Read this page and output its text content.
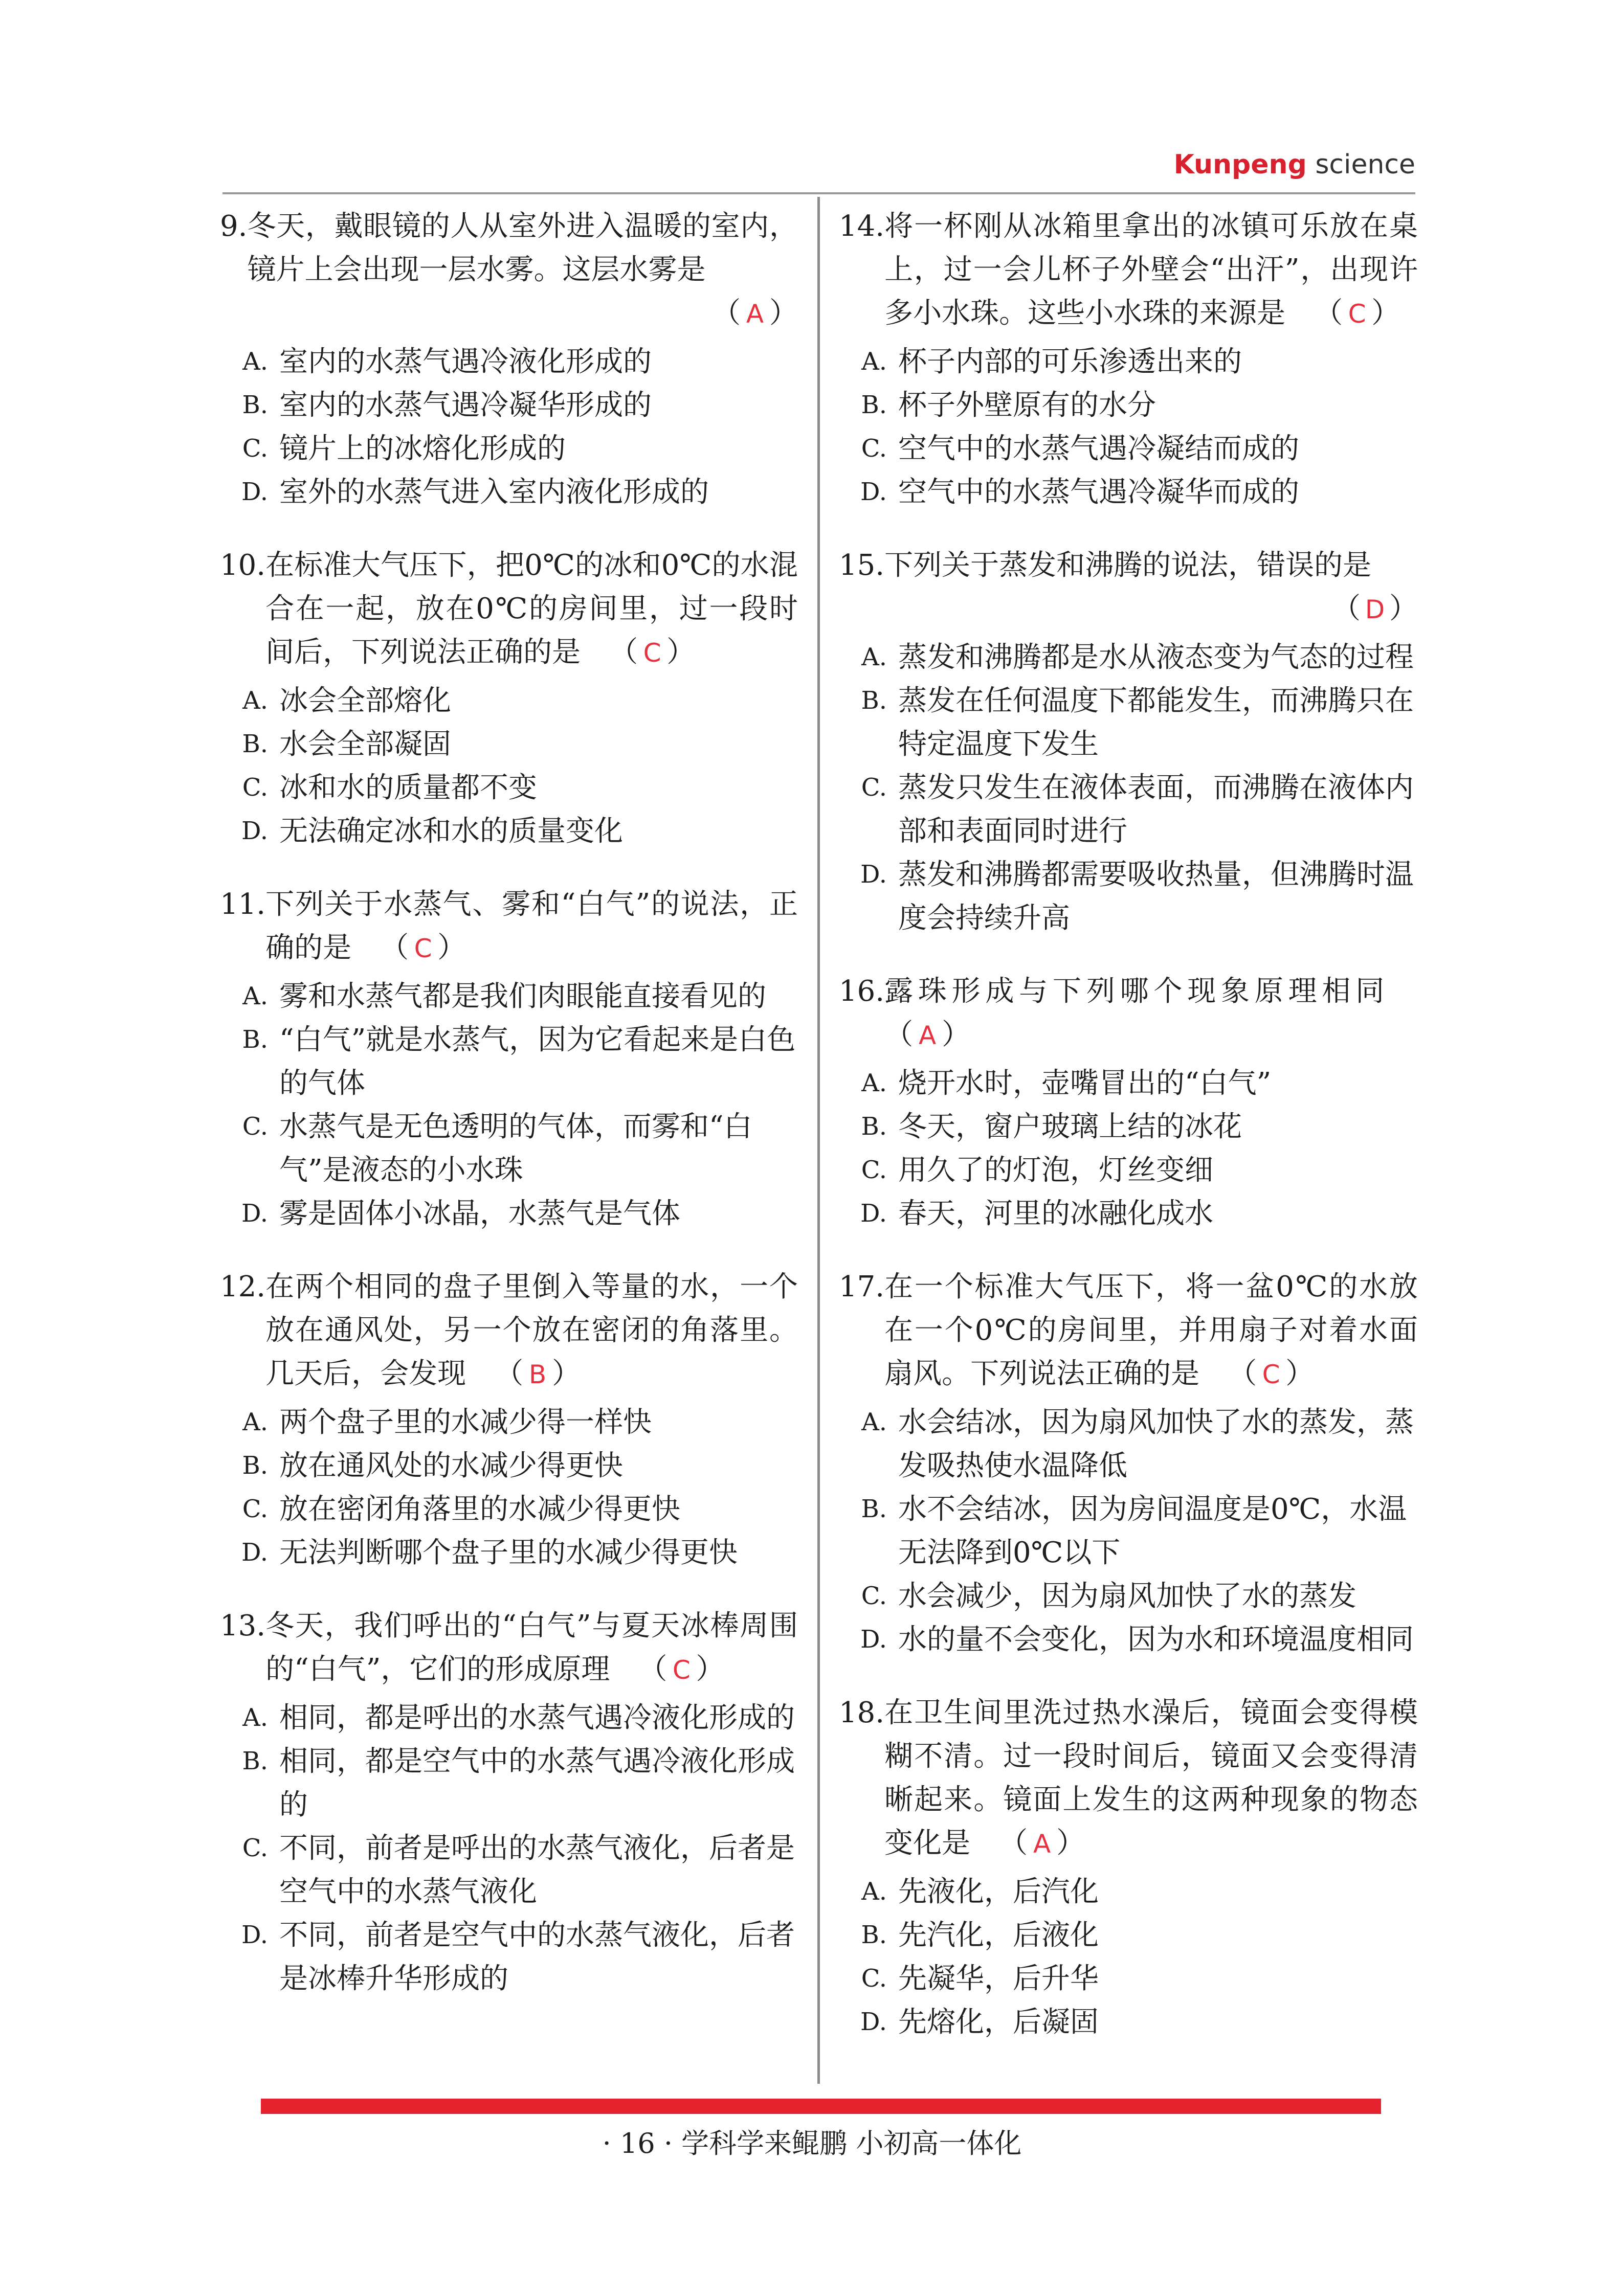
Kunpeng science
9. 冬天，戴眼镜的人从室外进入温暖的室内，镜片上会出现一层水雾。这层水雾是
（ A ）
A. 室内的水蒸气遇冷液化形成的
B. 室内的水蒸气遇冷凝华形成的
C. 镜片上的冰熔化形成的
D. 室外的水蒸气进入室内液化形成的
10. 在标准大气压下，把0℃的冰和0℃的水混合在一起，放在0℃的房间里，过一段时间后，下列说法正确的是  （ C ）
A. 冰会全部熔化
B. 水会全部凝固
C. 冰和水的质量都不变
D. 无法确定冰和水的质量变化
11. 下列关于水蒸气、雾和“白气”的说法，正确的是  （ C ）
A. 雾和水蒸气都是我们肉眼能直接看见的
B. “白气”就是水蒸气，因为它看起来是白色的气体
C. 水蒸气是无色透明的气体，而雾和“白气”是液态的小水珠
D. 雾是固体小冰晶，水蒸气是气体
12. 在两个相同的盘子里倒入等量的水，一个放在通风处，另一个放在密闭的角落里。几天后，会发现  （ B ）
A. 两个盘子里的水减少得一样快
B. 放在通风处的水减少得更快
C. 放在密闭角落里的水减少得更快
D. 无法判断哪个盘子里的水减少得更快
13. 冬天，我们呼出的“白气”与夏天冰棒周围的“白气”，它们的形成原理  （ C ）
A. 相同，都是呼出的水蒸气遇冷液化形成的
B. 相同，都是空气中的水蒸气遇冷液化形成的
C. 不同，前者是呼出的水蒸气液化，后者是空气中的水蒸气液化
D. 不同，前者是空气中的水蒸气液化，后者是冰棒升华形成的
14. 将一杯刚从冰箱里拿出的冰镇可乐放在桌上，过一会儿杯子外壁会“出汗”，出现许多小水珠。这些小水珠的来源是  （ C ）
A. 杯子内部的可乐渗透出来的
B. 杯子外壁原有的水分
C. 空气中的水蒸气遇冷凝结而成的
D. 空气中的水蒸气遇冷凝华而成的
15. 下列关于蒸发和沸腾的说法，错误的是
（ D ）
A. 蒸发和沸腾都是水从液态变为气态的过程
B. 蒸发在任何温度下都能发生，而沸腾只在特定温度下发生
C. 蒸发只发生在液体表面，而沸腾在液体内部和表面同时进行
D. 蒸发和沸腾都需要吸收热量，但沸腾时温度会持续升高
16. 露珠形成与下列哪个现象原理相同 （ A ）
A. 烧开水时，壶嘴冒出的“白气”
B. 冬天，窗户玻璃上结的冰花
C. 用久了的灯泡，灯丝变细
D. 春天，河里的冰融化成水
17. 在一个标准大气压下，将一盆0℃的水放在一个0℃的房间里，并用扇子对着水面扇风。下列说法正确的是  （ C ）
A. 水会结冰，因为扇风加快了水的蒸发，蒸发吸热使水温降低
B. 水不会结冰，因为房间温度是0℃，水温无法降到0℃以下
C. 水会减少，因为扇风加快了水的蒸发
D. 水的量不会变化，因为水和环境温度相同
18. 在卫生间里洗过热水澡后，镜面会变得模糊不清。过一段时间后，镜面又会变得清晰起来。镜面上发生的这两种现象的物态变化是  （ A ）
A. 先液化，后汽化
B. 先汽化，后液化
C. 先凝华，后升华
D. 先熔化，后凝固
· 16 · 学科学来鲲鹏 小初高一体化
